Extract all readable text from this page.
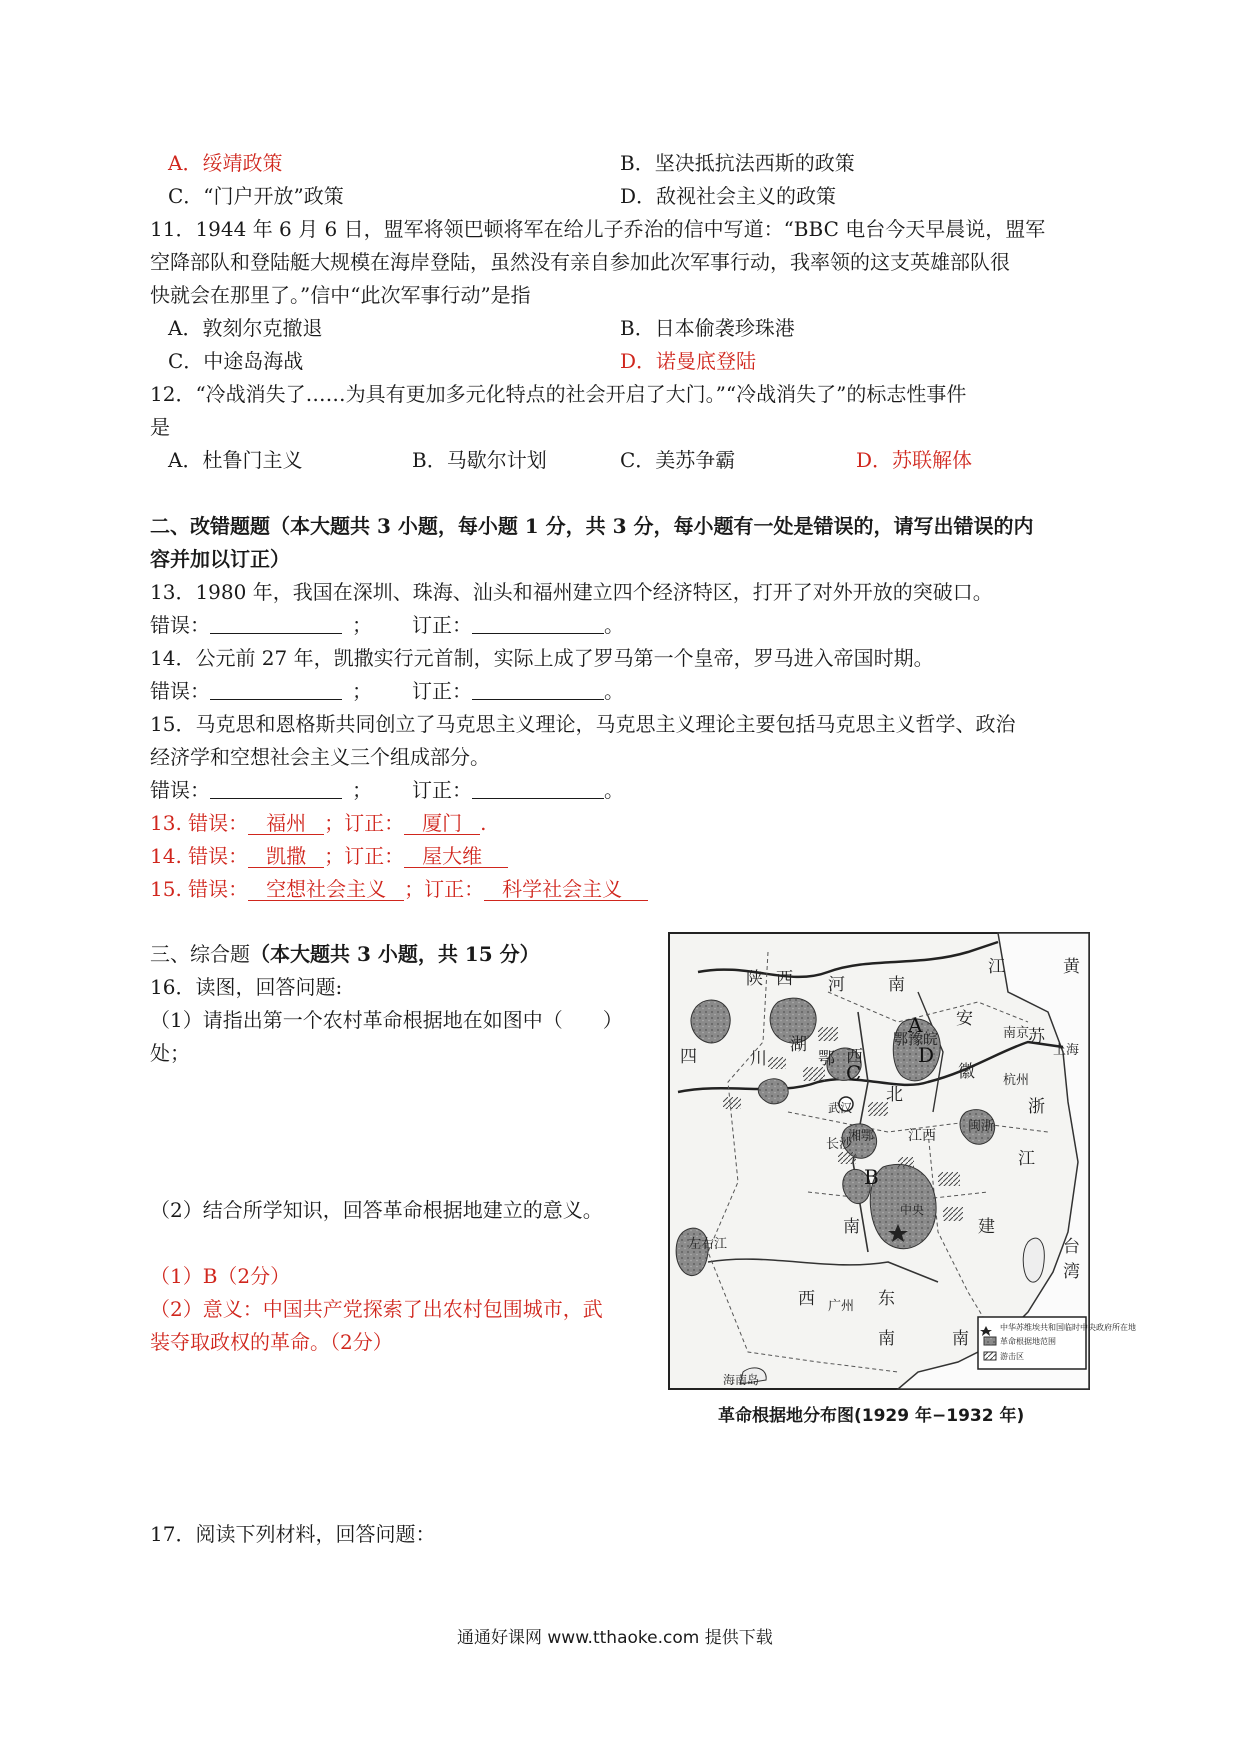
A．绥靖政策	B．坚决抵抗法西斯的政策
C．“门户开放”政策	D．敌视社会主义的政策
11．1944 年 6 月 6 日，盟军将领巴顿将军在给儿子乔治的信中写道：“BBC 电台今天早晨说，盟军
空降部队和登陆艇大规模在海岸登陆，虽然没有亲自参加此次军事行动，我率领的这支英雄部队很
快就会在那里了。”信中“此次军事行动”是指
A．敦刻尔克撤退	B．日本偷袭珍珠港
C．中途岛海战	D．诺曼底登陆
12．“冷战消失了……为具有更加多元化特点的社会开启了大门。”“冷战消失了”的标志性事件
是
A．杜鲁门主义	B．马歇尔计划	C．美苏争霸	D．苏联解体
二、改错题题（本大题共 3 小题，每小题 1 分，共 3 分，每小题有一处是错误的，请写出错误的内
容并加以订正）
13．1980 年，我国在深圳、珠海、汕头和福州建立四个经济特区，打开了对外开放的突破口。
错误：	； 订正：	。
14．公元前 27 年，凯撒实行元首制，实际上成了罗马第一个皇帝，罗马进入帝国时期。
错误：	； 订正：	。
15．马克思和恩格斯共同创立了马克思主义理论，马克思主义理论主要包括马克思主义哲学、政治
经济学和空想社会主义三个组成部分。
错误：	； 订正：	。
13. 错误： 福州 ；订正： 厦门 .
14. 错误： 凯撒 ；订正： 屋大维
15. 错误： 空想社会主义 ；订正： 科学社会主义
三、综合题（本大题共 3 小题，共 15 分）
16．读图，回答问题:
（1）请指出第一个农村革命根据地在如图中（　　）
处；
（2）结合所学知识，回答革命根据地建立的意义。
（1）B（2分）
（2）意义：中国共产党探索了出农村包围城市，武
装夺取政权的革命。（2分）
陕 西 河	南
江
安
苏
四	川
湖
鄂 西
鄂豫皖
北
徽
南京
上海
杭州
浙
长沙
湘鄂 江西
闽浙
江
中央
南
左右江
广州 东
西
南	南
海南岛
台
湾
建
武汉
黄
A
B
C
D
中华苏维埃共和国临时中央政府所在地
革命根据地范围
游击区
革命根据地分布图(1929 年−1932 年)
17．阅读下列材料，回答问题：
通通好课网 www.tthaoke.com 提供下载
